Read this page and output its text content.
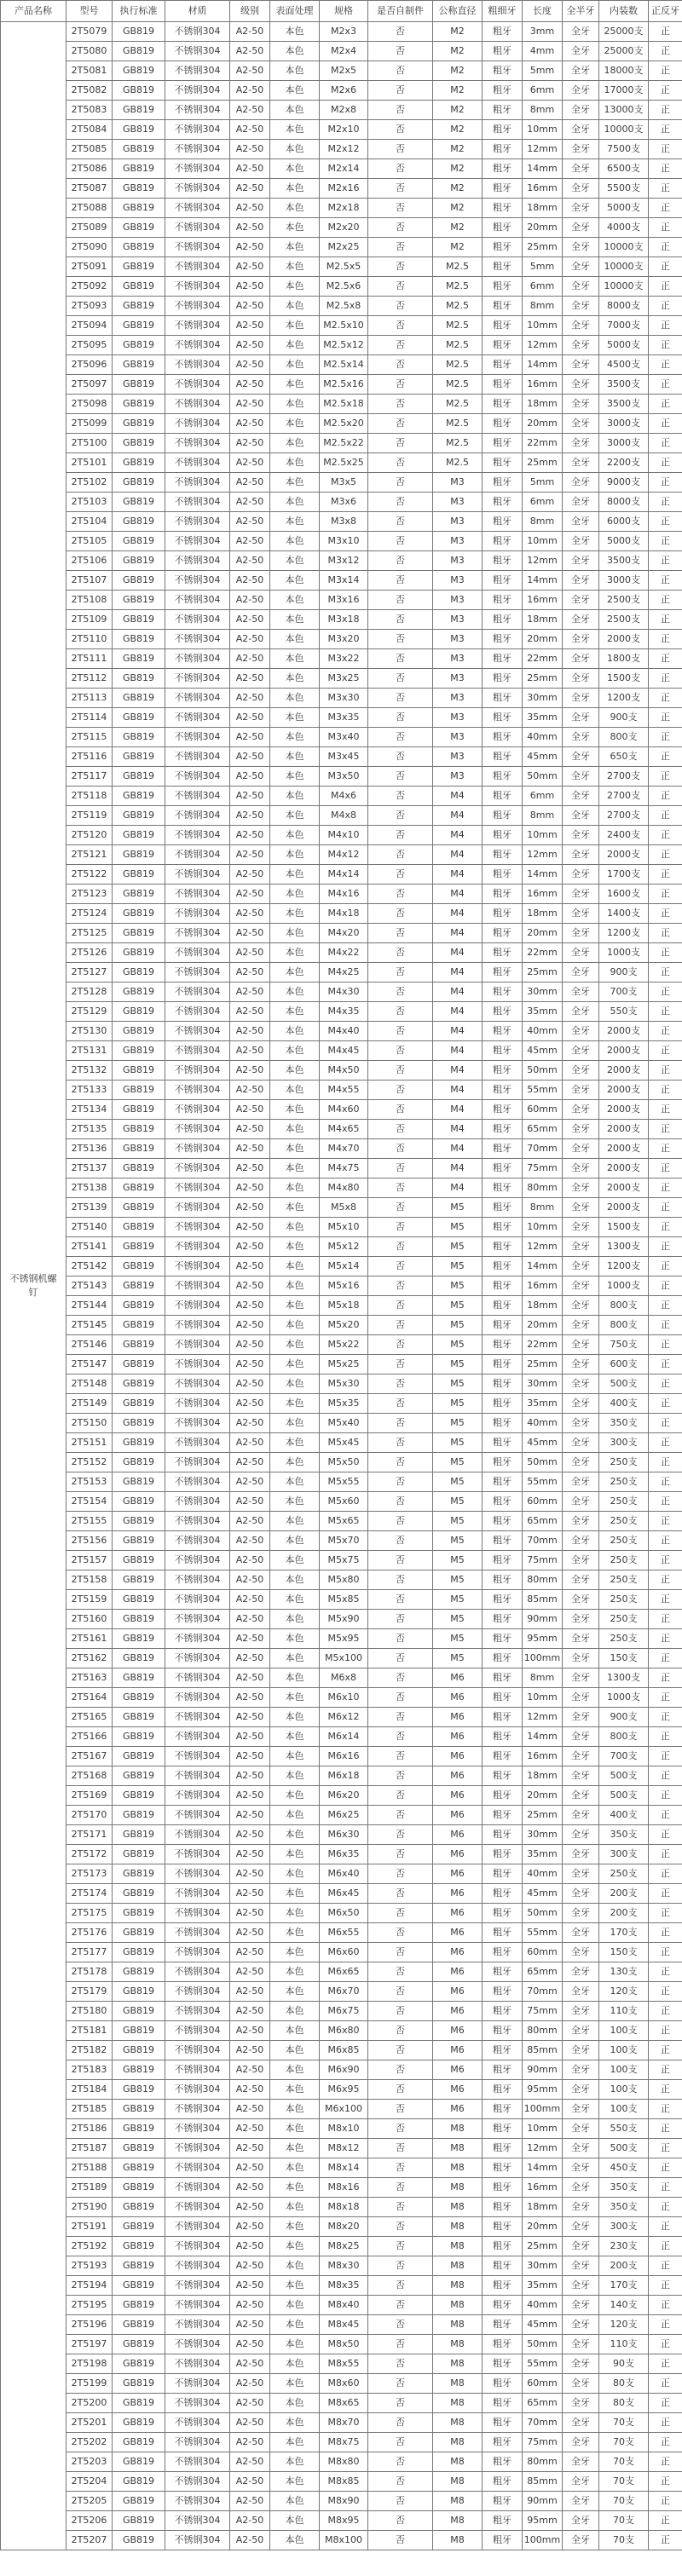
产品名称	型号	执行标准	材质	级别	表面处理	规格	是否自制件	公称直径	粗细牙	长度	全半牙	内装数	正反牙
不锈钢机螺钉	2T5079	GB819	不锈钢304	A2-50	本色	M2x3	否	M2	粗牙	3mm	全牙	25000支	正
	2T5080	GB819	不锈钢304	A2-50	本色	M2x4	否	M2	粗牙	4mm	全牙	25000支	正
	2T5081	GB819	不锈钢304	A2-50	本色	M2x5	否	M2	粗牙	5mm	全牙	18000支	正
	2T5082	GB819	不锈钢304	A2-50	本色	M2x6	否	M2	粗牙	6mm	全牙	17000支	正
	2T5083	GB819	不锈钢304	A2-50	本色	M2x8	否	M2	粗牙	8mm	全牙	13000支	正
	2T5084	GB819	不锈钢304	A2-50	本色	M2x10	否	M2	粗牙	10mm	全牙	10000支	正
	2T5085	GB819	不锈钢304	A2-50	本色	M2x12	否	M2	粗牙	12mm	全牙	7500支	正
	2T5086	GB819	不锈钢304	A2-50	本色	M2x14	否	M2	粗牙	14mm	全牙	6500支	正
	2T5087	GB819	不锈钢304	A2-50	本色	M2x16	否	M2	粗牙	16mm	全牙	5500支	正
	2T5088	GB819	不锈钢304	A2-50	本色	M2x18	否	M2	粗牙	18mm	全牙	5000支	正
	2T5089	GB819	不锈钢304	A2-50	本色	M2x20	否	M2	粗牙	20mm	全牙	4000支	正
	2T5090	GB819	不锈钢304	A2-50	本色	M2x25	否	M2	粗牙	25mm	全牙	10000支	正
	2T5091	GB819	不锈钢304	A2-50	本色	M2.5x5	否	M2.5	粗牙	5mm	全牙	10000支	正
	2T5092	GB819	不锈钢304	A2-50	本色	M2.5x6	否	M2.5	粗牙	6mm	全牙	10000支	正
	2T5093	GB819	不锈钢304	A2-50	本色	M2.5x8	否	M2.5	粗牙	8mm	全牙	8000支	正
	2T5094	GB819	不锈钢304	A2-50	本色	M2.5x10	否	M2.5	粗牙	10mm	全牙	7000支	正
	2T5095	GB819	不锈钢304	A2-50	本色	M2.5x12	否	M2.5	粗牙	12mm	全牙	5000支	正
	2T5096	GB819	不锈钢304	A2-50	本色	M2.5x14	否	M2.5	粗牙	14mm	全牙	4500支	正
	2T5097	GB819	不锈钢304	A2-50	本色	M2.5x16	否	M2.5	粗牙	16mm	全牙	3500支	正
	2T5098	GB819	不锈钢304	A2-50	本色	M2.5x18	否	M2.5	粗牙	18mm	全牙	3500支	正
	2T5099	GB819	不锈钢304	A2-50	本色	M2.5x20	否	M2.5	粗牙	20mm	全牙	3000支	正
	2T5100	GB819	不锈钢304	A2-50	本色	M2.5x22	否	M2.5	粗牙	22mm	全牙	3000支	正
	2T5101	GB819	不锈钢304	A2-50	本色	M2.5x25	否	M2.5	粗牙	25mm	全牙	2200支	正
	2T5102	GB819	不锈钢304	A2-50	本色	M3x5	否	M3	粗牙	5mm	全牙	9000支	正
	2T5103	GB819	不锈钢304	A2-50	本色	M3x6	否	M3	粗牙	6mm	全牙	8000支	正
	2T5104	GB819	不锈钢304	A2-50	本色	M3x8	否	M3	粗牙	8mm	全牙	6000支	正
	2T5105	GB819	不锈钢304	A2-50	本色	M3x10	否	M3	粗牙	10mm	全牙	5000支	正
	2T5106	GB819	不锈钢304	A2-50	本色	M3x12	否	M3	粗牙	12mm	全牙	3500支	正
	2T5107	GB819	不锈钢304	A2-50	本色	M3x14	否	M3	粗牙	14mm	全牙	3000支	正
	2T5108	GB819	不锈钢304	A2-50	本色	M3x16	否	M3	粗牙	16mm	全牙	2500支	正
	2T5109	GB819	不锈钢304	A2-50	本色	M3x18	否	M3	粗牙	18mm	全牙	2500支	正
	2T5110	GB819	不锈钢304	A2-50	本色	M3x20	否	M3	粗牙	20mm	全牙	2000支	正
	2T5111	GB819	不锈钢304	A2-50	本色	M3x22	否	M3	粗牙	22mm	全牙	1800支	正
	2T5112	GB819	不锈钢304	A2-50	本色	M3x25	否	M3	粗牙	25mm	全牙	1500支	正
	2T5113	GB819	不锈钢304	A2-50	本色	M3x30	否	M3	粗牙	30mm	全牙	1200支	正
	2T5114	GB819	不锈钢304	A2-50	本色	M3x35	否	M3	粗牙	35mm	全牙	900支	正
	2T5115	GB819	不锈钢304	A2-50	本色	M3x40	否	M3	粗牙	40mm	全牙	800支	正
	2T5116	GB819	不锈钢304	A2-50	本色	M3x45	否	M3	粗牙	45mm	全牙	650支	正
	2T5117	GB819	不锈钢304	A2-50	本色	M3x50	否	M3	粗牙	50mm	全牙	2700支	正
	2T5118	GB819	不锈钢304	A2-50	本色	M4x6	否	M4	粗牙	6mm	全牙	2700支	正
	2T5119	GB819	不锈钢304	A2-50	本色	M4x8	否	M4	粗牙	8mm	全牙	2700支	正
	2T5120	GB819	不锈钢304	A2-50	本色	M4x10	否	M4	粗牙	10mm	全牙	2400支	正
	2T5121	GB819	不锈钢304	A2-50	本色	M4x12	否	M4	粗牙	12mm	全牙	2000支	正
	2T5122	GB819	不锈钢304	A2-50	本色	M4x14	否	M4	粗牙	14mm	全牙	1700支	正
	2T5123	GB819	不锈钢304	A2-50	本色	M4x16	否	M4	粗牙	16mm	全牙	1600支	正
	2T5124	GB819	不锈钢304	A2-50	本色	M4x18	否	M4	粗牙	18mm	全牙	1400支	正
	2T5125	GB819	不锈钢304	A2-50	本色	M4x20	否	M4	粗牙	20mm	全牙	1200支	正
	2T5126	GB819	不锈钢304	A2-50	本色	M4x22	否	M4	粗牙	22mm	全牙	1000支	正
	2T5127	GB819	不锈钢304	A2-50	本色	M4x25	否	M4	粗牙	25mm	全牙	900支	正
	2T5128	GB819	不锈钢304	A2-50	本色	M4x30	否	M4	粗牙	30mm	全牙	700支	正
	2T5129	GB819	不锈钢304	A2-50	本色	M4x35	否	M4	粗牙	35mm	全牙	550支	正
	2T5130	GB819	不锈钢304	A2-50	本色	M4x40	否	M4	粗牙	40mm	全牙	2000支	正
	2T5131	GB819	不锈钢304	A2-50	本色	M4x45	否	M4	粗牙	45mm	全牙	2000支	正
	2T5132	GB819	不锈钢304	A2-50	本色	M4x50	否	M4	粗牙	50mm	全牙	2000支	正
	2T5133	GB819	不锈钢304	A2-50	本色	M4x55	否	M4	粗牙	55mm	全牙	2000支	正
	2T5134	GB819	不锈钢304	A2-50	本色	M4x60	否	M4	粗牙	60mm	全牙	2000支	正
	2T5135	GB819	不锈钢304	A2-50	本色	M4x65	否	M4	粗牙	65mm	全牙	2000支	正
	2T5136	GB819	不锈钢304	A2-50	本色	M4x70	否	M4	粗牙	70mm	全牙	2000支	正
	2T5137	GB819	不锈钢304	A2-50	本色	M4x75	否	M4	粗牙	75mm	全牙	2000支	正
	2T5138	GB819	不锈钢304	A2-50	本色	M4x80	否	M4	粗牙	80mm	全牙	2000支	正
	2T5139	GB819	不锈钢304	A2-50	本色	M5x8	否	M5	粗牙	8mm	全牙	2000支	正
	2T5140	GB819	不锈钢304	A2-50	本色	M5x10	否	M5	粗牙	10mm	全牙	1500支	正
	2T5141	GB819	不锈钢304	A2-50	本色	M5x12	否	M5	粗牙	12mm	全牙	1300支	正
	2T5142	GB819	不锈钢304	A2-50	本色	M5x14	否	M5	粗牙	14mm	全牙	1200支	正
	2T5143	GB819	不锈钢304	A2-50	本色	M5x16	否	M5	粗牙	16mm	全牙	1000支	正
	2T5144	GB819	不锈钢304	A2-50	本色	M5x18	否	M5	粗牙	18mm	全牙	800支	正
	2T5145	GB819	不锈钢304	A2-50	本色	M5x20	否	M5	粗牙	20mm	全牙	800支	正
	2T5146	GB819	不锈钢304	A2-50	本色	M5x22	否	M5	粗牙	22mm	全牙	750支	正
	2T5147	GB819	不锈钢304	A2-50	本色	M5x25	否	M5	粗牙	25mm	全牙	600支	正
	2T5148	GB819	不锈钢304	A2-50	本色	M5x30	否	M5	粗牙	30mm	全牙	500支	正
	2T5149	GB819	不锈钢304	A2-50	本色	M5x35	否	M5	粗牙	35mm	全牙	400支	正
	2T5150	GB819	不锈钢304	A2-50	本色	M5x40	否	M5	粗牙	40mm	全牙	350支	正
	2T5151	GB819	不锈钢304	A2-50	本色	M5x45	否	M5	粗牙	45mm	全牙	300支	正
	2T5152	GB819	不锈钢304	A2-50	本色	M5x50	否	M5	粗牙	50mm	全牙	250支	正
	2T5153	GB819	不锈钢304	A2-50	本色	M5x55	否	M5	粗牙	55mm	全牙	250支	正
	2T5154	GB819	不锈钢304	A2-50	本色	M5x60	否	M5	粗牙	60mm	全牙	250支	正
	2T5155	GB819	不锈钢304	A2-50	本色	M5x65	否	M5	粗牙	65mm	全牙	250支	正
	2T5156	GB819	不锈钢304	A2-50	本色	M5x70	否	M5	粗牙	70mm	全牙	250支	正
	2T5157	GB819	不锈钢304	A2-50	本色	M5x75	否	M5	粗牙	75mm	全牙	250支	正
	2T5158	GB819	不锈钢304	A2-50	本色	M5x80	否	M5	粗牙	80mm	全牙	250支	正
	2T5159	GB819	不锈钢304	A2-50	本色	M5x85	否	M5	粗牙	85mm	全牙	250支	正
	2T5160	GB819	不锈钢304	A2-50	本色	M5x90	否	M5	粗牙	90mm	全牙	250支	正
	2T5161	GB819	不锈钢304	A2-50	本色	M5x95	否	M5	粗牙	95mm	全牙	250支	正
	2T5162	GB819	不锈钢304	A2-50	本色	M5x100	否	M5	粗牙	100mm	全牙	150支	正
	2T5163	GB819	不锈钢304	A2-50	本色	M6x8	否	M6	粗牙	8mm	全牙	1300支	正
	2T5164	GB819	不锈钢304	A2-50	本色	M6x10	否	M6	粗牙	10mm	全牙	1000支	正
	2T5165	GB819	不锈钢304	A2-50	本色	M6x12	否	M6	粗牙	12mm	全牙	900支	正
	2T5166	GB819	不锈钢304	A2-50	本色	M6x14	否	M6	粗牙	14mm	全牙	800支	正
	2T5167	GB819	不锈钢304	A2-50	本色	M6x16	否	M6	粗牙	16mm	全牙	700支	正
	2T5168	GB819	不锈钢304	A2-50	本色	M6x18	否	M6	粗牙	18mm	全牙	500支	正
	2T5169	GB819	不锈钢304	A2-50	本色	M6x20	否	M6	粗牙	20mm	全牙	500支	正
	2T5170	GB819	不锈钢304	A2-50	本色	M6x25	否	M6	粗牙	25mm	全牙	400支	正
	2T5171	GB819	不锈钢304	A2-50	本色	M6x30	否	M6	粗牙	30mm	全牙	350支	正
	2T5172	GB819	不锈钢304	A2-50	本色	M6x35	否	M6	粗牙	35mm	全牙	300支	正
	2T5173	GB819	不锈钢304	A2-50	本色	M6x40	否	M6	粗牙	40mm	全牙	250支	正
	2T5174	GB819	不锈钢304	A2-50	本色	M6x45	否	M6	粗牙	45mm	全牙	200支	正
	2T5175	GB819	不锈钢304	A2-50	本色	M6x50	否	M6	粗牙	50mm	全牙	200支	正
	2T5176	GB819	不锈钢304	A2-50	本色	M6x55	否	M6	粗牙	55mm	全牙	170支	正
	2T5177	GB819	不锈钢304	A2-50	本色	M6x60	否	M6	粗牙	60mm	全牙	150支	正
	2T5178	GB819	不锈钢304	A2-50	本色	M6x65	否	M6	粗牙	65mm	全牙	130支	正
	2T5179	GB819	不锈钢304	A2-50	本色	M6x70	否	M6	粗牙	70mm	全牙	120支	正
	2T5180	GB819	不锈钢304	A2-50	本色	M6x75	否	M6	粗牙	75mm	全牙	110支	正
	2T5181	GB819	不锈钢304	A2-50	本色	M6x80	否	M6	粗牙	80mm	全牙	100支	正
	2T5182	GB819	不锈钢304	A2-50	本色	M6x85	否	M6	粗牙	85mm	全牙	100支	正
	2T5183	GB819	不锈钢304	A2-50	本色	M6x90	否	M6	粗牙	90mm	全牙	100支	正
	2T5184	GB819	不锈钢304	A2-50	本色	M6x95	否	M6	粗牙	95mm	全牙	100支	正
	2T5185	GB819	不锈钢304	A2-50	本色	M6x100	否	M6	粗牙	100mm	全牙	100支	正
	2T5186	GB819	不锈钢304	A2-50	本色	M8x10	否	M8	粗牙	10mm	全牙	550支	正
	2T5187	GB819	不锈钢304	A2-50	本色	M8x12	否	M8	粗牙	12mm	全牙	500支	正
	2T5188	GB819	不锈钢304	A2-50	本色	M8x14	否	M8	粗牙	14mm	全牙	450支	正
	2T5189	GB819	不锈钢304	A2-50	本色	M8x16	否	M8	粗牙	16mm	全牙	350支	正
	2T5190	GB819	不锈钢304	A2-50	本色	M8x18	否	M8	粗牙	18mm	全牙	350支	正
	2T5191	GB819	不锈钢304	A2-50	本色	M8x20	否	M8	粗牙	20mm	全牙	300支	正
	2T5192	GB819	不锈钢304	A2-50	本色	M8x25	否	M8	粗牙	25mm	全牙	230支	正
	2T5193	GB819	不锈钢304	A2-50	本色	M8x30	否	M8	粗牙	30mm	全牙	200支	正
	2T5194	GB819	不锈钢304	A2-50	本色	M8x35	否	M8	粗牙	35mm	全牙	170支	正
	2T5195	GB819	不锈钢304	A2-50	本色	M8x40	否	M8	粗牙	40mm	全牙	140支	正
	2T5196	GB819	不锈钢304	A2-50	本色	M8x45	否	M8	粗牙	45mm	全牙	120支	正
	2T5197	GB819	不锈钢304	A2-50	本色	M8x50	否	M8	粗牙	50mm	全牙	110支	正
	2T5198	GB819	不锈钢304	A2-50	本色	M8x55	否	M8	粗牙	55mm	全牙	90支	正
	2T5199	GB819	不锈钢304	A2-50	本色	M8x60	否	M8	粗牙	60mm	全牙	80支	正
	2T5200	GB819	不锈钢304	A2-50	本色	M8x65	否	M8	粗牙	65mm	全牙	80支	正
	2T5201	GB819	不锈钢304	A2-50	本色	M8x70	否	M8	粗牙	70mm	全牙	70支	正
	2T5202	GB819	不锈钢304	A2-50	本色	M8x75	否	M8	粗牙	75mm	全牙	70支	正
	2T5203	GB819	不锈钢304	A2-50	本色	M8x80	否	M8	粗牙	80mm	全牙	70支	正
	2T5204	GB819	不锈钢304	A2-50	本色	M8x85	否	M8	粗牙	85mm	全牙	70支	正
	2T5205	GB819	不锈钢304	A2-50	本色	M8x90	否	M8	粗牙	90mm	全牙	70支	正
	2T5206	GB819	不锈钢304	A2-50	本色	M8x95	否	M8	粗牙	95mm	全牙	70支	正
	2T5207	GB819	不锈钢304	A2-50	本色	M8x100	否	M8	粗牙	100mm	全牙	70支	正
